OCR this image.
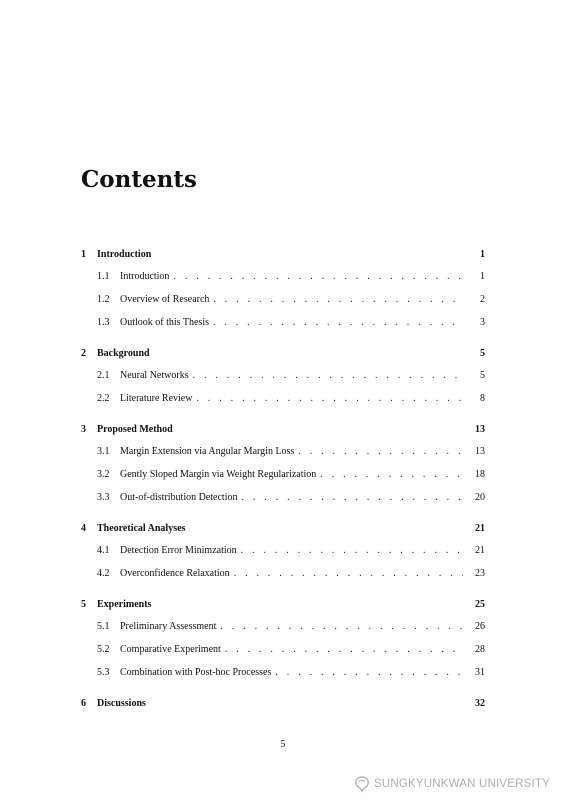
Contents
1	Introduction	1
1.1	Introduction . . .	1
1.2	Overview of Research . . .	2
1.3	Outlook of this Thesis . . .	3
2	Background	5
2.1	Neural Networks . . .	5
2.2	Literature Review . . .	8
3	Proposed Method	13
3.1	Margin Extension via Angular Margin Loss . . .	13
3.2	Gently Sloped Margin via Weight Regularization . . .	18
3.3	Out-of-distribution Detection . . .	20
4	Theoretical Analyses	21
4.1	Detection Error Minimzation . . .	21
4.2	Overconfidence Relaxation . . .	23
5	Experiments	25
5.1	Preliminary Assessment . . .	26
5.2	Comparative Experiment . . .	28
5.3	Combination with Post-hoc Processes . . .	31
6	Discussions	32
5
SUNGKYUNKWAN UNIVERSITY
